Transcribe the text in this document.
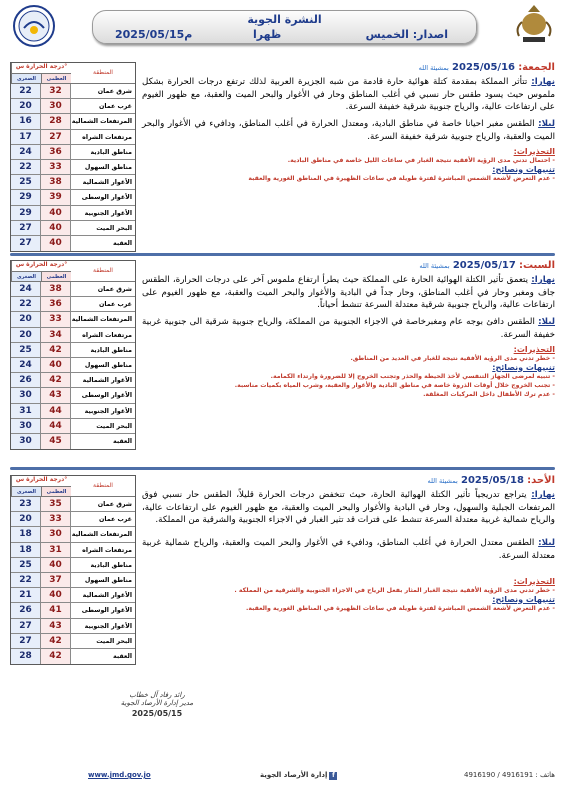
النشرة الجوية
اصدار: الخميس
ظهرا
2025/05/15م
درجة الحرارة س°
المنطقة
الصغرى	العظمى
22	32	شرق عمان
20	30	غرب عمان
16	28	المرتفعات الشمالية
17	27	مرتفعات الشراه
24	36	مناطق البادية
22	33	مناطق السهول
25	38	الأغوار الشمالية
29	39	الأغوار الوسطى
29	40	الأغوار الجنوبية
27	40	البحر الميت
27	40	العقبة
الجمعة: 2025/05/16 بمشيئة الله
نهارا: تتأثر المملكة بمقدمة كتلة هوائية حارة قادمة من شبه الجزيرة العربية لذلك ترتفع درجات الحرارة بشكل ملموس حيث يسود طقس حار نسبي في أغلب المناطق وحار في الأغوار والبحر الميت والعقبة، مع ظهور الغيوم على ارتفاعات عالية، والرياح جنوبية شرقية خفيفة السرعة.
ليلا: الطقس مغبر احيانا خاصة في مناطق البادية، ومعتدل الحرارة في أغلب المناطق، ودافيء في الأغوار والبحر الميت والعقبة، والرياح جنوبية شرقية خفيفة السرعة.
التحذيرات:
- احتمال تدني مدى الرؤية الأفقية نتيجة الغبار في ساعات الليل خاصة في مناطق البادية.
تنبيهات ونصائح:
- عدم التعرض لأشعة الشمس المباشرة لفترة طويلة في ساعات الظهيرة في المناطق الغورية والعقبة
درجة الحرارة س°
المنطقة
الصغرى	العظمى
24	38	شرق عمان
22	36	غرب عمان
20	33	المرتفعات الشمالية
20	34	مرتفعات الشراه
25	42	مناطق البادية
24	40	مناطق السهول
26	42	الأغوار الشمالية
30	43	الأغوار الوسطى
31	44	الأغوار الجنوبية
30	44	البحر الميت
30	45	العقبة
السبت: 2025/05/17 بمشيئة الله
نهارا: يتعمق تأثير الكتلة الهوائية الحارة على المملكة حيث يطرأ ارتفاع ملموس آخر على درجات الحرارة، الطقس جاف ومغبر وحار في أغلب المناطق، وحار جداً في البادية والأغوار والبحر الميت والعقبة، مع ظهور الغيوم على ارتفاعات عالية، والرياح جنوبية شرقية معتدلة السرعة تنشط أحياناً.
ليلا: الطقس دافئ بوجه عام ومغبرخاصة في الاجزاء الجنوبية من المملكة، والرياح جنوبية شرقية الى جنوبية غربية خفيفة السرعة.
التحذيرات:
- خطر تدني مدى الرؤية الأفقية نتيجة للغبار في العديد من المناطق.
تنبيهات ونصائح:
- تنبيه لمرضى الجهاز التنفسي لأخذ الحيطة والحذر وتجنب الخروج إلا للضرورة وارتداء الكمامة.
- تجنب الخروج خلال أوقات الذروة خاصة في مناطق البادية والأغوار والعقبة، وشرب المياه بكميات مناسبة.
- عدم ترك الأطفال داخل المركبات المغلقة.
درجة الحرارة س°
المنطقة
الصغرى	العظمى
23	35	شرق عمان
20	33	غرب عمان
18	30	المرتفعات الشمالية
18	31	مرتفعات الشراه
25	40	مناطق البادية
22	37	مناطق السهول
21	40	الأغوار الشمالية
26	41	الأغوار الوسطى
27	43	الأغوار الجنوبية
27	42	البحر الميت
28	42	العقبة
الأحد: 2025/05/18 بمشيئة الله
نهارا: يتراجع تدريجياً تأثير الكتلة الهوائية الحارة، حيث تنخفض درجات الحرارة قليلاً، الطقس حار نسبي فوق المرتفعات الجبلية والسهول، وحار في البادية والأغوار والبحر الميت والعقبة، مع ظهور الغيوم على ارتفاعات عالية، والرياح شمالية غربية معتدلة السرعة تنشط على فترات قد تثير الغبار في الاجزاء الجنوبية والشرقية من المملكة.
ليلا: الطقس معتدل الحرارة في أغلب المناطق، ودافيء في الأغوار والبحر الميت والعقبة، والرياح شمالية غربية معتدلة السرعة.
التحذيرات:
- خطر تدني مدى الرؤية الأفقية نتيجة الغبار المثار بفعل الرياح في الاجزاء الجنوبية والشرقية من المملكة .
تنبيهات ونصائح:
- عدم التعرض لأشعة الشمس المباشرة لفترة طويلة في ساعات الظهيرة في المناطق الغورية والعقبة.
رائد رفاد آل خطاب
مدير إدارة الأرصاد الجوية
2025/05/15
www.jmd.gov.jo	إدارة الأرصاد الجوية f	هاتف : 4916191 / 4916190
